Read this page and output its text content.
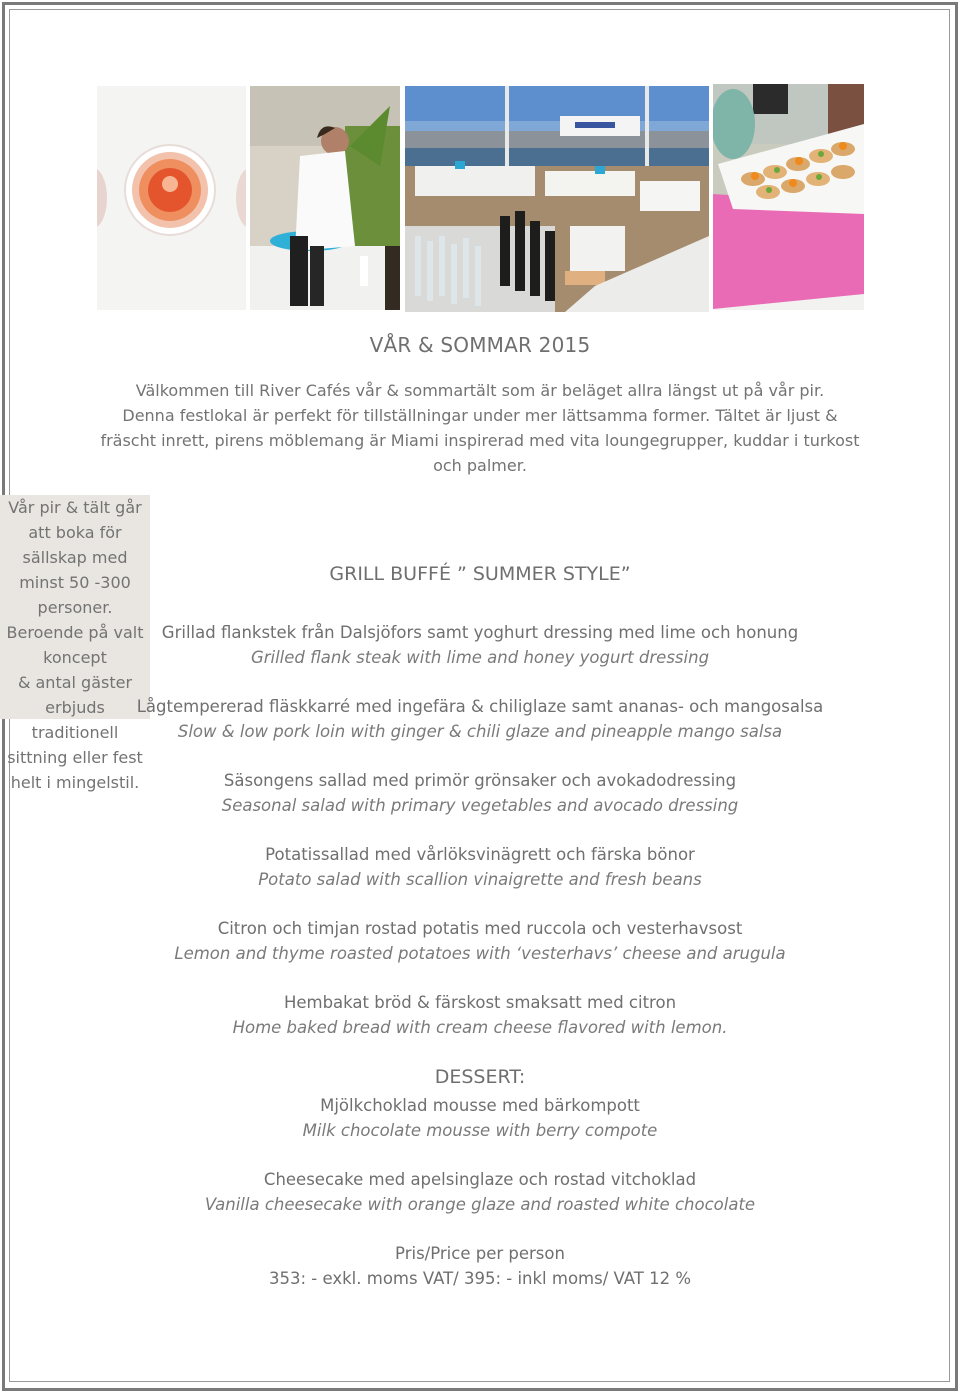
VÅR & SOMMAR 2015

Välkommen till River Cafés vår & sommartält som är beläget allra längst ut på vår pir.
Denna festlokal är perfekt för tillställningar under mer lättsamma former. Tältet är ljust &
fräscht inrett, pirens möblemang är Miami inspirerad med vita loungegrupper, kuddar i turkost
och palmer.

Vår pir & tält går att boka för sällskap med minst 50 -300 personer. Beroende på valt koncept
& antal gäster erbjuds traditionell sittning eller fest helt i mingelstil.

GRILL BUFFÉ ” SUMMER STYLE”
Grillad flankstek från Dalsjöfors samt yoghurt dressing med lime och honung
Grilled flank steak with lime and honey yogurt dressing
Lågtempererad fläskkarré med ingefära & chiliglaze samt ananas- och mangosalsa
Slow & low pork loin with ginger & chili glaze and pineapple mango salsa
Säsongens sallad med primör grönsaker och avokadodressing
Seasonal salad with primary vegetables and avocado dressing
Potatissallad med vårlöksvinägrett och färska bönor
Potato salad with scallion vinaigrette and fresh beans
Citron och timjan rostad potatis med ruccola och vesterhavsost
Lemon and thyme roasted potatoes with ‘vesterhavs’ cheese and arugula
Hembakat bröd & färskost smaksatt med citron
Home baked bread with cream cheese flavored with lemon.
DESSERT:
Mjölkchoklad mousse med bärkompott
Milk chocolate mousse with berry compote
Cheesecake med apelsinglaze och rostad vitchoklad
Vanilla cheesecake with orange glaze and roasted white chocolate
Pris/Price per person
353: - exkl. moms VAT/ 395: - inkl moms/ VAT 12 %
